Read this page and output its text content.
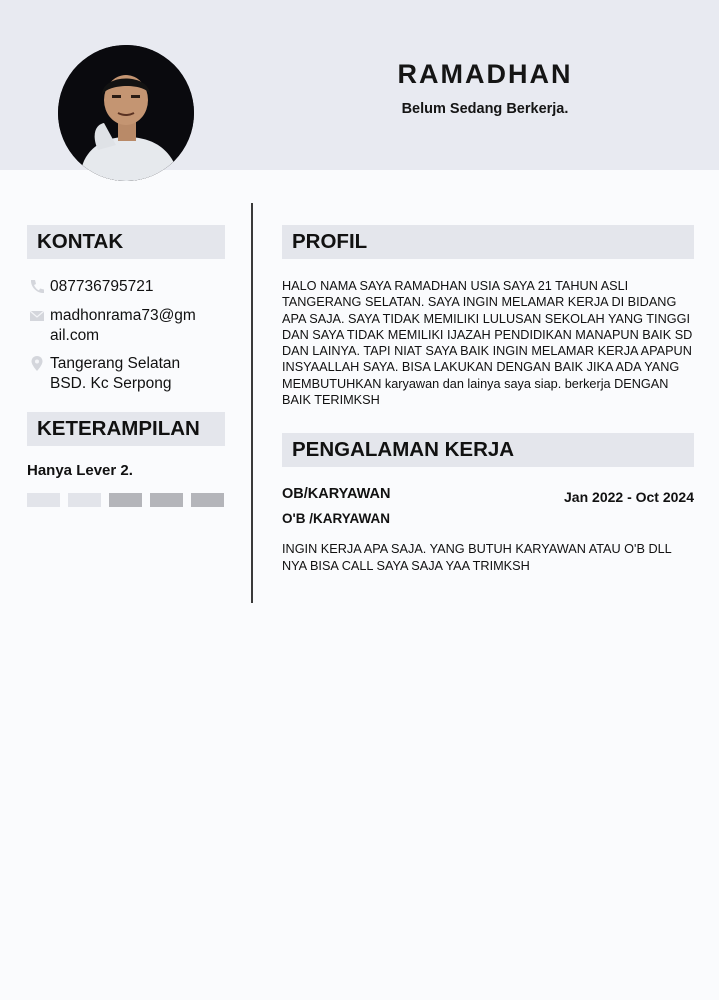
RAMADHAN
Belum Sedang Berkerja.
KONTAK
087736795721
madhonrama73@gm
ail.com
Tangerang Selatan
BSD. Kc Serpong
KETERAMPILAN
Hanya Lever 2.
PROFIL
HALO NAMA SAYA RAMADHAN USIA SAYA 21 TAHUN ASLI TANGERANG SELATAN. SAYA INGIN MELAMAR KERJA DI BIDANG APA SAJA. SAYA TIDAK MEMILIKI LULUSAN SEKOLAH YANG TINGGI DAN SAYA TIDAK MEMILIKI IJAZAH PENDIDIKAN MANAPUN BAIK SD DAN LAINYA. TAPI NIAT SAYA BAIK INGIN MELAMAR KERJA APAPUN INSYAALLAH SAYA. BISA LAKUKAN DENGAN BAIK JIKA ADA YANG MEMBUTUHKAN karyawan dan lainya saya siap. berkerja DENGAN BAIK TERIMKSH
PENGALAMAN KERJA
OB/KARYAWAN
O'B /KARYAWAN
Jan 2022 - Oct 2024
INGIN KERJA APA SAJA. YANG BUTUH KARYAWAN ATAU O'B DLL NYA BISA CALL SAYA SAJA YAA TRIMKSH
